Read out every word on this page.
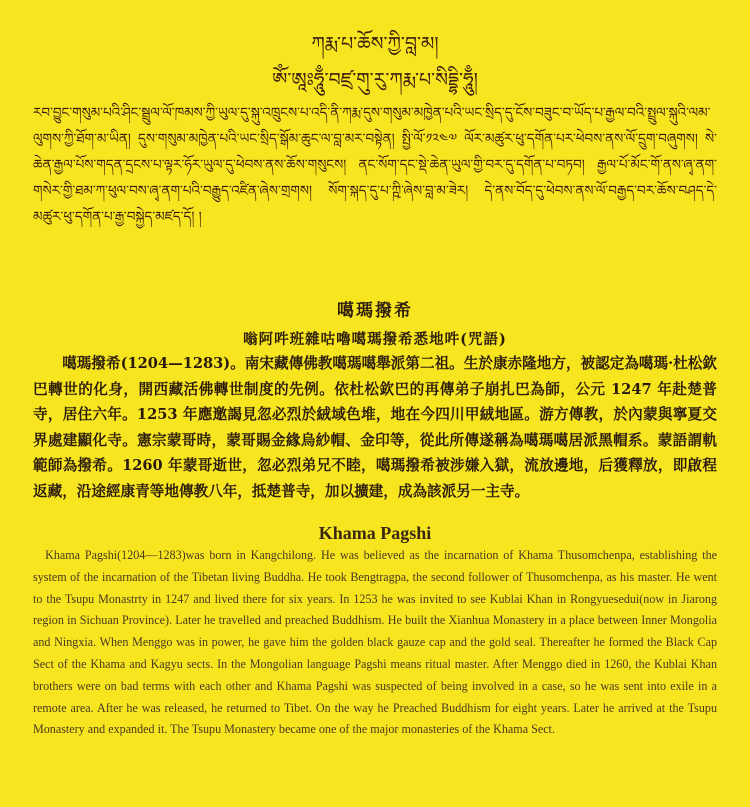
ཀརྨ་པ་ཆོས་ཀྱི་བླ་མ།
ཨོཾ་ཨཱཿཧཱུྃ་བཛྲ་གུ་རུ་ཀརྨ་པ་སིདྡྷི་ཧཱུྃ།
རབ་བྱུང་གསུམ་པའི་ཤིང་སྦྲུལ་ལོ་ཁམས་ཀྱི་ཡུལ་དུ་སྐུ་འཁྲུངས་པ་འདི་ནི་ཀརྨ་དུས་གསུམ་མཁྱེན་པའི་ཡང་སྲིད་དུ་ངོས་བཟུང་བ་ཡོད་པ་རྒྱལ་བའི་སྤྲུལ་སྐུའི་ལམ་ལུགས་ཀྱི་ཐོག་མ་ཡིན། དུས་གསུམ་མཁྱེན་པའི་ཡང་སྲིད་སྒོམ་ཆུང་ལ་བླ་མར་བསྟེན། སྤྱི་ལོ་༡༢༤༧ ལོར་མཚུར་ཕུ་དགོན་པར་ཕེབས་ནས་ལོ་དྲུག་བཞུགས། སེ་ཆེན་རྒྱལ་པོས་གདན་དྲངས་པ་ལྟར་ཧོར་ཡུལ་དུ་ཕེབས་ནས་ཆོས་གསུངས། ནང་སོག་དང་སྡེ་ཆེན་ཡུལ་གྱི་བར་དུ་དགོན་པ་བཏབ། རྒྱལ་པོ་མོང་གོ་ནས་ཞྭ་ནག་གསེར་གྱི་ཐམ་ཀ་ཕུལ་བས་ཞྭ་ནག་པའི་བརྒྱུད་འཛིན་ཞེས་གྲགས། སོག་སྐད་དུ་པ་ཀྵི་ཞེས་བླ་མ་ཟེར། དེ་ནས་བོད་དུ་ཕེབས་ནས་ལོ་བརྒྱད་བར་ཆོས་བཤད་དེ་མཚུར་ཕུ་དགོན་པ་རྒྱ་བསྐྱེད་མཛད་དོ། །
噶瑪撥希
嗡阿吽班雜咕嚕噶瑪撥希悉地吽(咒語)
噶瑪撥希(1204—1283)。南宋藏傳佛教噶瑪噶舉派第二祖。生於康赤隆地方，被認定為噶瑪·杜松欽巴轉世的化身，開西藏活佛轉世制度的先例。依杜松欽巴的再傳弟子崩扎巴為師，公元 1247 年赴楚普寺，居住六年。1253 年應邀謁見忽必烈於絨域色堆，地在今四川甲絨地區。游方傳教，於內蒙與寧夏交界處建顯化寺。憲宗蒙哥時，蒙哥賜金緣烏紗帽、金印等，從此所傳遂稱為噶瑪噶居派黑帽系。蒙語謂軌範師為撥希。1260 年蒙哥逝世，忽必烈弟兄不睦，噶瑪撥希被涉嫌入獄，流放邊地，后獲釋放，即啟程返藏，沿途經康青等地傳教八年，抵楚普寺，加以擴建，成為該派另一主寺。
Khama Pagshi
Khama Pagshi(1204—1283)was born in Kangchilong. He was believed as the incarnation of Khama Thusomchenpa, establishing the system of the incarnation of the Tibetan living Buddha. He took Bengtragpa, the second follower of Thusomchenpa, as his master. He went to the Tsupu Monastrty in 1247 and lived there for six years. In 1253 he was invited to see Kublai Khan in Rongyuesedui(now in Jiarong region in Sichuan Province). Later he travelled and preached Buddhism. He built the Xianhua Monastery in a place between Inner Mongolia and Ningxia. When Menggo was in power, he gave him the golden black gauze cap and the gold seal. Thereafter he formed the Black Cap Sect of the Khama and Kagyu sects. In the Mongolian language Pagshi means ritual master. After Menggo died in 1260, the Kublai Khan brothers were on bad terms with each other and Khama Pagshi was suspected of being involved in a case, so he was sent into exile in a remote area. After he was released, he returned to Tibet. On the way he Preached Buddhism for eight years. Later he arrived at the Tsupu Monastery and expanded it. The Tsupu Monastery became one of the major monasteries of the Khama Sect.
